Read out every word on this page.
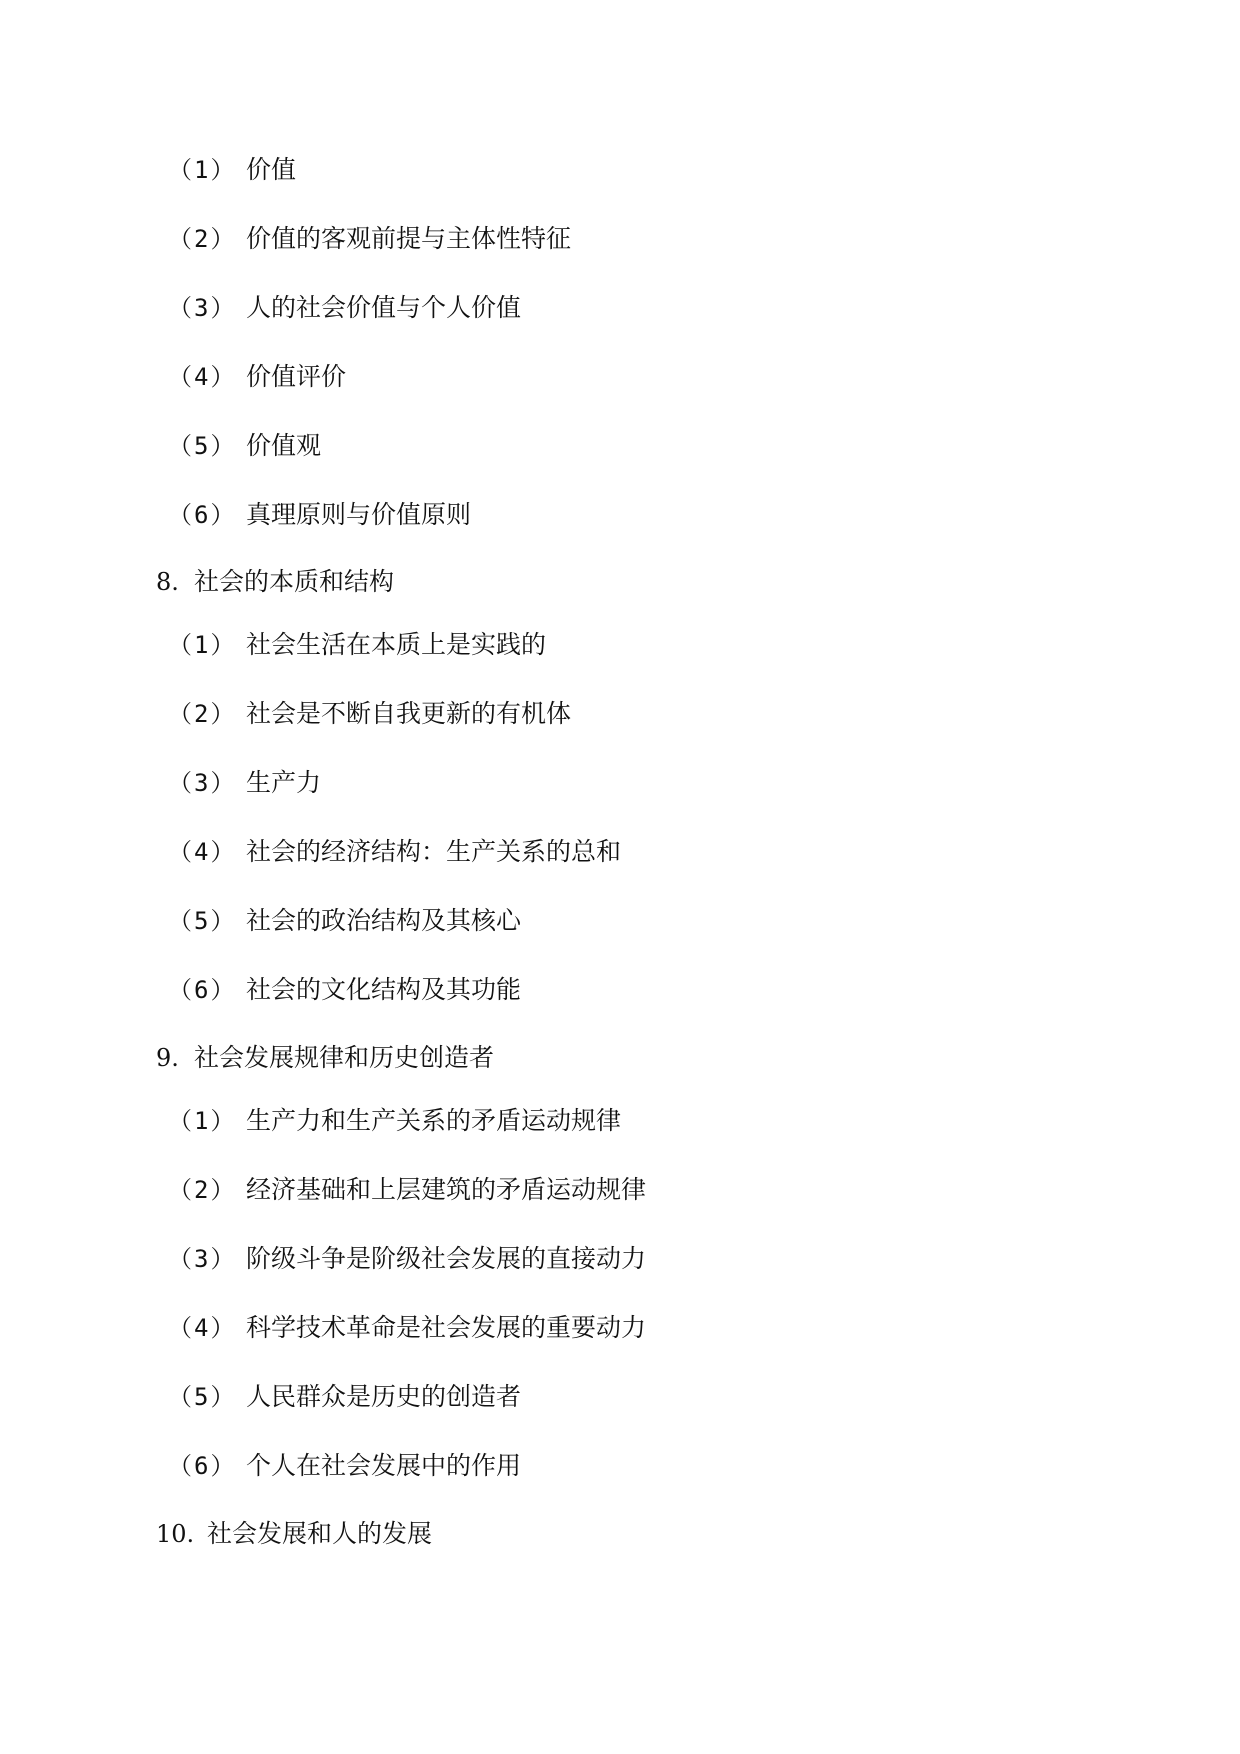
（1） 价值
（2） 价值的客观前提与主体性特征
（3） 人的社会价值与个人价值
（4） 价值评价
（5） 价值观
（6） 真理原则与价值原则
8. 社会的本质和结构
（1） 社会生活在本质上是实践的
（2） 社会是不断自我更新的有机体
（3） 生产力
（4） 社会的经济结构：生产关系的总和
（5） 社会的政治结构及其核心
（6） 社会的文化结构及其功能
9. 社会发展规律和历史创造者
（1） 生产力和生产关系的矛盾运动规律
（2） 经济基础和上层建筑的矛盾运动规律
（3） 阶级斗争是阶级社会发展的直接动力
（4） 科学技术革命是社会发展的重要动力
（5） 人民群众是历史的创造者
（6） 个人在社会发展中的作用
10. 社会发展和人的发展
